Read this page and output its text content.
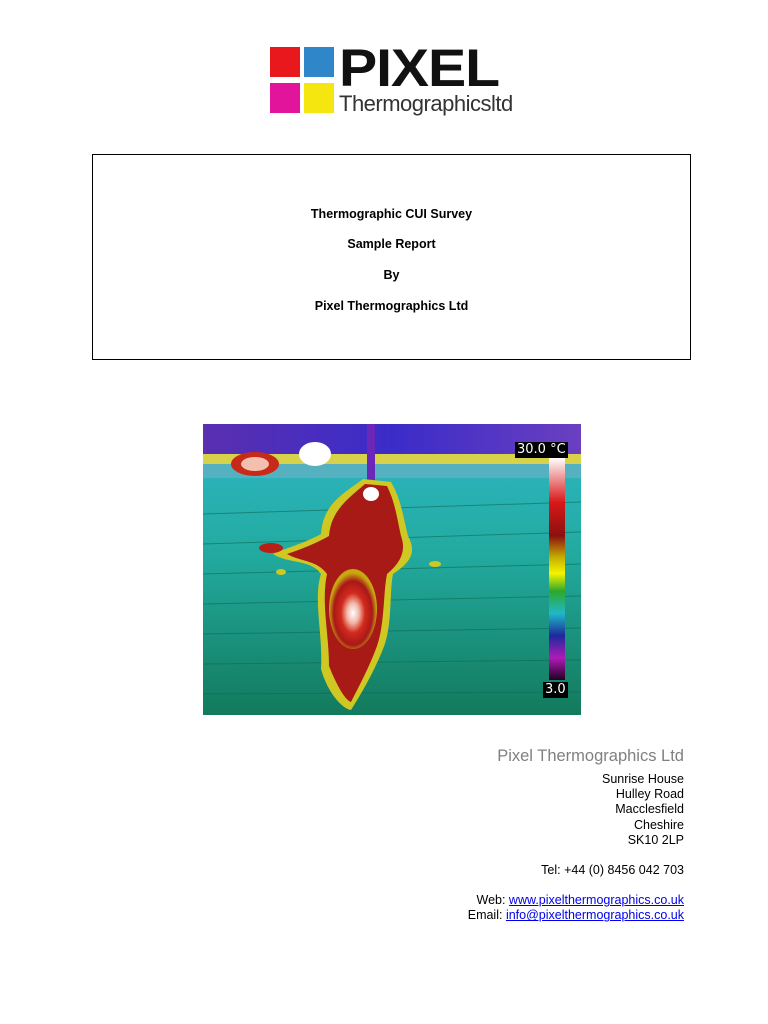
PIXEL
Thermographicsltd
Thermographic CUI Survey
Sample Report
By
Pixel Thermographics Ltd
30.0 °C
3.0
Pixel Thermographics Ltd
Sunrise House
Hulley Road
Macclesfield
Cheshire
SK10 2LP
Tel: +44 (0) 8456 042 703
Web: www.pixelthermographics.co.uk
Email: info@pixelthermographics.co.uk
